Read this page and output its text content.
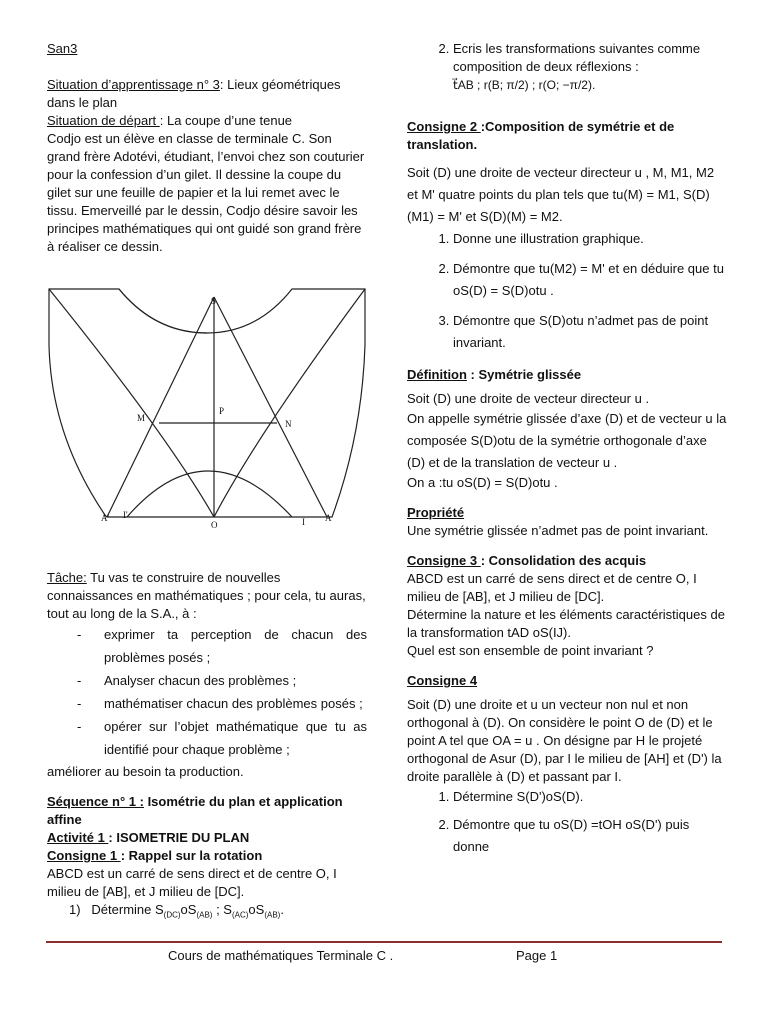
San3

Situation d’apprentissage n° 3: Lieux géométriques dans le plan

Situation de départ : La coupe d’une tenue

Codjo est un élève en classe de terminale C. Son grand frère Adotévi, étudiant, l’envoi chez son couturier pour la confession d’un gilet. Il dessine la coupe du gilet sur une feuille de papier et la lui remet avec le tissu. Emerveillé par le dessin, Codjo désire savoir les principes mathématiques qui ont guidé son grand frère à réaliser ce dessin.

S
P
M
N
A' I'
O	I A

Tâche: Tu vas te construire de nouvelles connaissances en mathématiques ; pour cela, tu auras, tout au long de la S.A., à :

- exprimer ta perception de chacun des problèmes posés ;
- Analyser chacun des problèmes ;
- mathématiser chacun des problèmes posés ;
- opérer sur l’objet mathématique que tu as identifié pour chaque problème ;

améliorer au besoin ta production.

Séquence n° 1 : Isométrie du plan et application affine

Activité 1 : ISOMETRIE DU PLAN

Consigne 1 : Rappel sur la rotation

ABCD est un carré de sens direct et de centre O, I milieu de [AB], et J milieu de [DC].

1)   Détermine $S_{(DC)}oS_{(AB)}$ ; $S_{(AC)}oS_{(AB)}$.

2. Ecris les transformations suivantes comme composition de deux réflexions :
t⃗AB ; r(B; π/2) ; r(O; −π/2).

Consigne 2 :Composition de symétrie et de translation.

Soit (D) une droite de vecteur directeur u , M, M1, M2 et M' quatre points du plan tels que tu(M) = M1, S(D)(M1) = M' et S(D)(M) = M2.

1. Donne une illustration graphique.
2. Démontre que tu(M2) = M' et en déduire que tu oS(D) = S(D)otu .
3. Démontre que S(D)otu n’admet pas de point invariant.

Définition : Symétrie glissée

Soit (D) une droite de vecteur directeur u .

On appelle symétrie glissée d’axe (D) et de vecteur u la composée S(D)otu de la symétrie orthogonale d’axe (D) et de la translation de vecteur u .

On a :tu oS(D) = S(D)otu .

Propriété

Une symétrie glissée n’admet pas de point invariant.

Consigne 3 : Consolidation des acquis

ABCD est un carré de sens direct et de centre O, I milieu de [AB], et J milieu de [DC].

Détermine la nature et les éléments caractéristiques de la transformation tAD oS(IJ).

Quel est son ensemble de point invariant ?

Consigne 4

Soit (D) une droite et u un vecteur non nul et non orthogonal à (D). On considère le point O de (D) et le point A tel que OA = u . On désigne par H le projeté orthogonal de Asur (D), par I le milieu de [AH] et (D') la droite parallèle à (D) et passant par I.

1. Détermine S(D')oS(D).
2. Démontre que tu oS(D) =tOH oS(D') puis donne
Cours de mathématiques Terminale C .	Page 1
